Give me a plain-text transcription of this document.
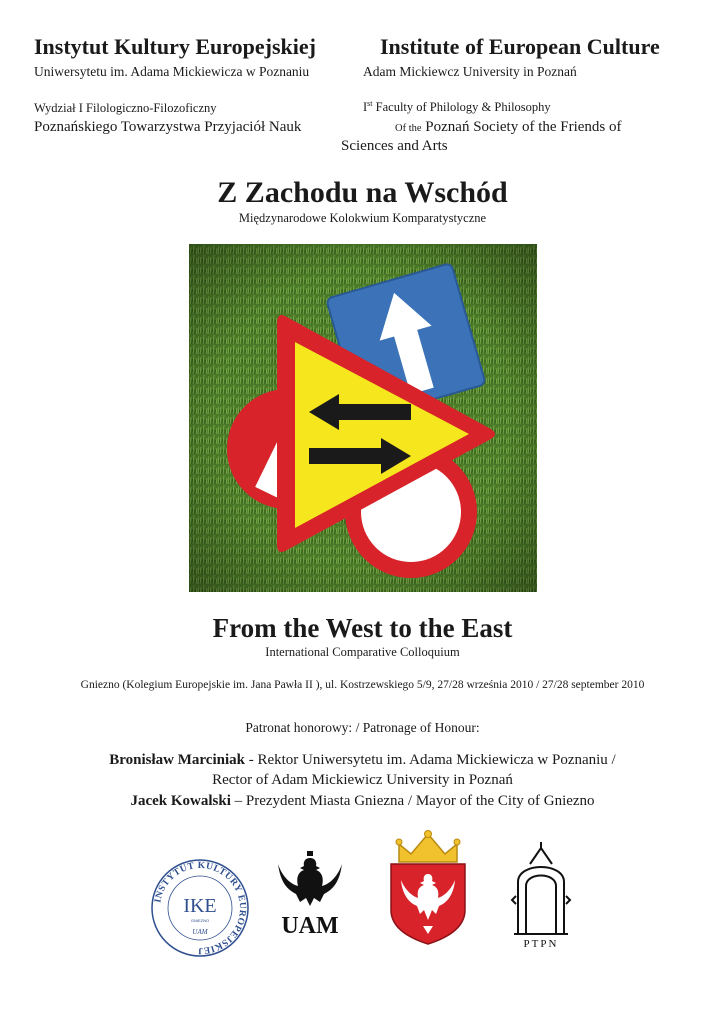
Instytut Kultury Europejskiej	Institute of European Culture
Uniwersytetu im. Adama Mickiewicza w Poznaniu	Adam Mickiewcz University in Poznań
Wydział I Filologiczno-Filozoficzny
Poznańskiego Towarzystwa Przyjaciół Nauk
Ist Faculty of Philology & Philosophy
Of the Poznań Society of the Friends of
Sciences and Arts
Z Zachodu na Wschód
Międzynarodowe Kolokwium Komparatystyczne
From the West to the East
International Comparative Colloquium
Gniezno (Kolegium Europejskie im. Jana Pawła II ), ul. Kostrzewskiego 5/9, 27/28 września 2010 / 27/28 september 2010
Patronat honorowy: / Patronage of Honour:
Bronisław Marciniak - Rektor Uniwersytetu im. Adama Mickiewicza w Poznaniu /
Rector of Adam Mickiewicz University in Poznań
Jacek Kowalski – Prezydent Miasta Gniezna / Mayor of the City of Gniezno
INSTYTUT KULTURY EUROPEJSKIEJ
IKE
GNIEZNO
UAM	UAM
PTPN
